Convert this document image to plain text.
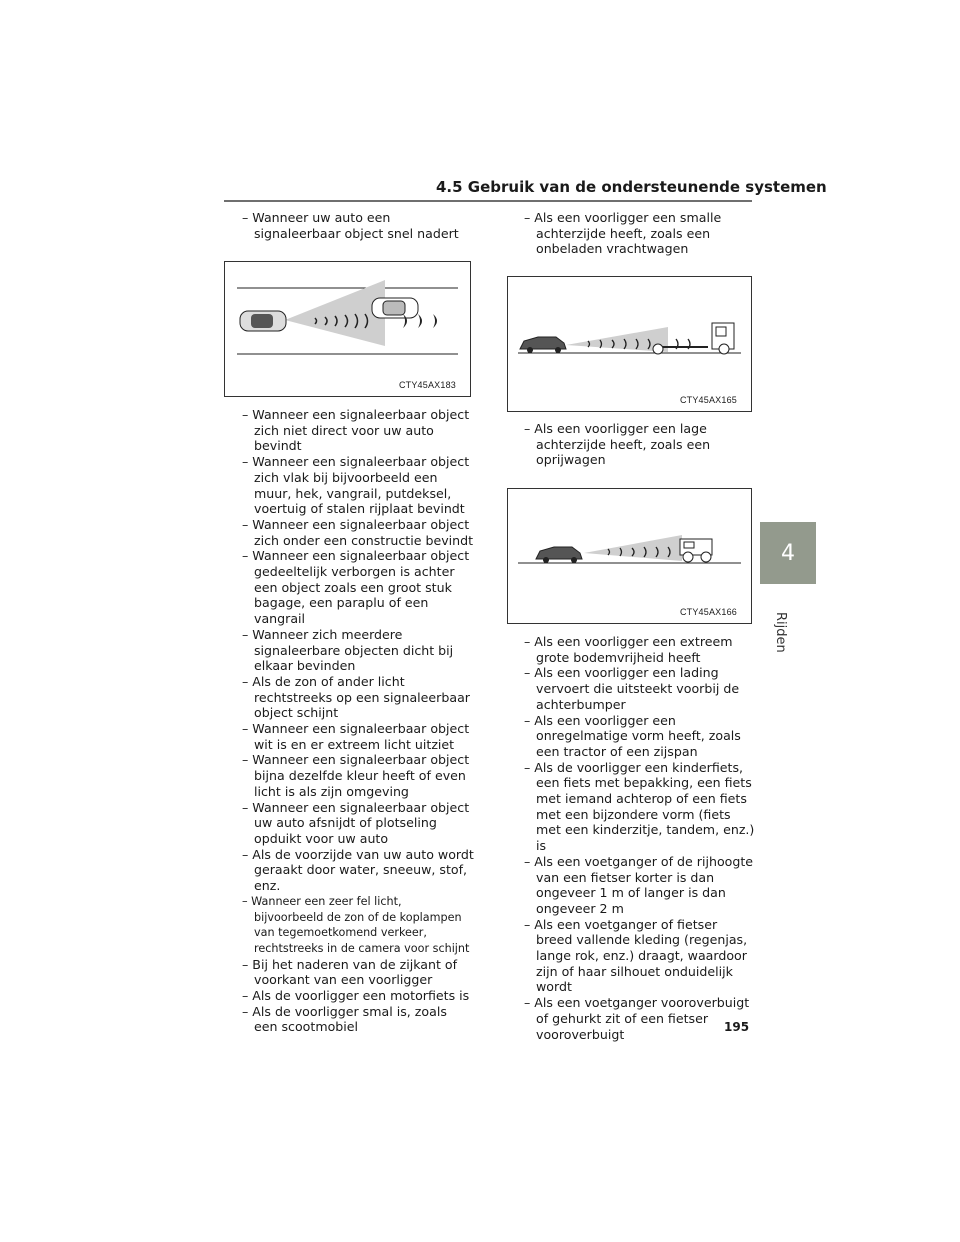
4.5 Gebruik van de ondersteunende systemen

– Wanneer uw auto een signaleerbaar object snel nadert

CTY45AX183

– Wanneer een signaleerbaar object zich niet direct voor uw auto bevindt

– Wanneer een signaleerbaar object zich vlak bij bijvoorbeeld een muur, hek, vangrail, putdeksel, voertuig of stalen rijplaat bevindt

– Wanneer een signaleerbaar object zich onder een constructie bevindt

– Wanneer een signaleerbaar object gedeeltelijk verborgen is achter een object zoals een groot stuk bagage, een paraplu of een vangrail

– Wanneer zich meerdere signaleerbare objecten dicht bij elkaar bevinden

– Als de zon of ander licht rechtstreeks op een signaleerbaar object schijnt

– Wanneer een signaleerbaar object wit is en er extreem licht uitziet

– Wanneer een signaleerbaar object bijna dezelfde kleur heeft of even licht is als zijn omgeving

– Wanneer een signaleerbaar object uw auto afsnijdt of plotseling opduikt voor uw auto

– Als de voorzijde van uw auto wordt geraakt door water, sneeuw, stof, enz.

– Wanneer een zeer fel licht, bijvoorbeeld de zon of de koplampen van tegemoetkomend verkeer, rechtstreeks in de camera voor schijnt

– Bij het naderen van de zijkant of voorkant van een voorligger

– Als de voorligger een motorfiets is

– Als de voorligger smal is, zoals een scootmobiel

– Als een voorligger een smalle achterzijde heeft, zoals een onbeladen vrachtwagen

CTY45AX165

– Als een voorligger een lage achterzijde heeft, zoals een oprijwagen

CTY45AX166

– Als een voorligger een extreem grote bodemvrijheid heeft

– Als een voorligger een lading vervoert die uitsteekt voorbij de achterbumper

– Als een voorligger een onregelmatige vorm heeft, zoals een tractor of een zijspan

– Als de voorligger een kinderfiets, een fiets met bepakking, een fiets met iemand achterop of een fiets met een bijzondere vorm (fiets met een kinderzitje, tandem, enz.) is

– Als een voetganger of de rijhoogte van een fietser korter is dan ongeveer 1 m of langer is dan ongeveer 2 m

– Als een voetganger of fietser breed vallende kleding (regenjas, lange rok, enz.) draagt, waardoor zijn of haar silhouet onduidelijk wordt

– Als een voetganger vooroverbuigt of gehurkt zit of een fietser vooroverbuigt

4
Rijden
195
